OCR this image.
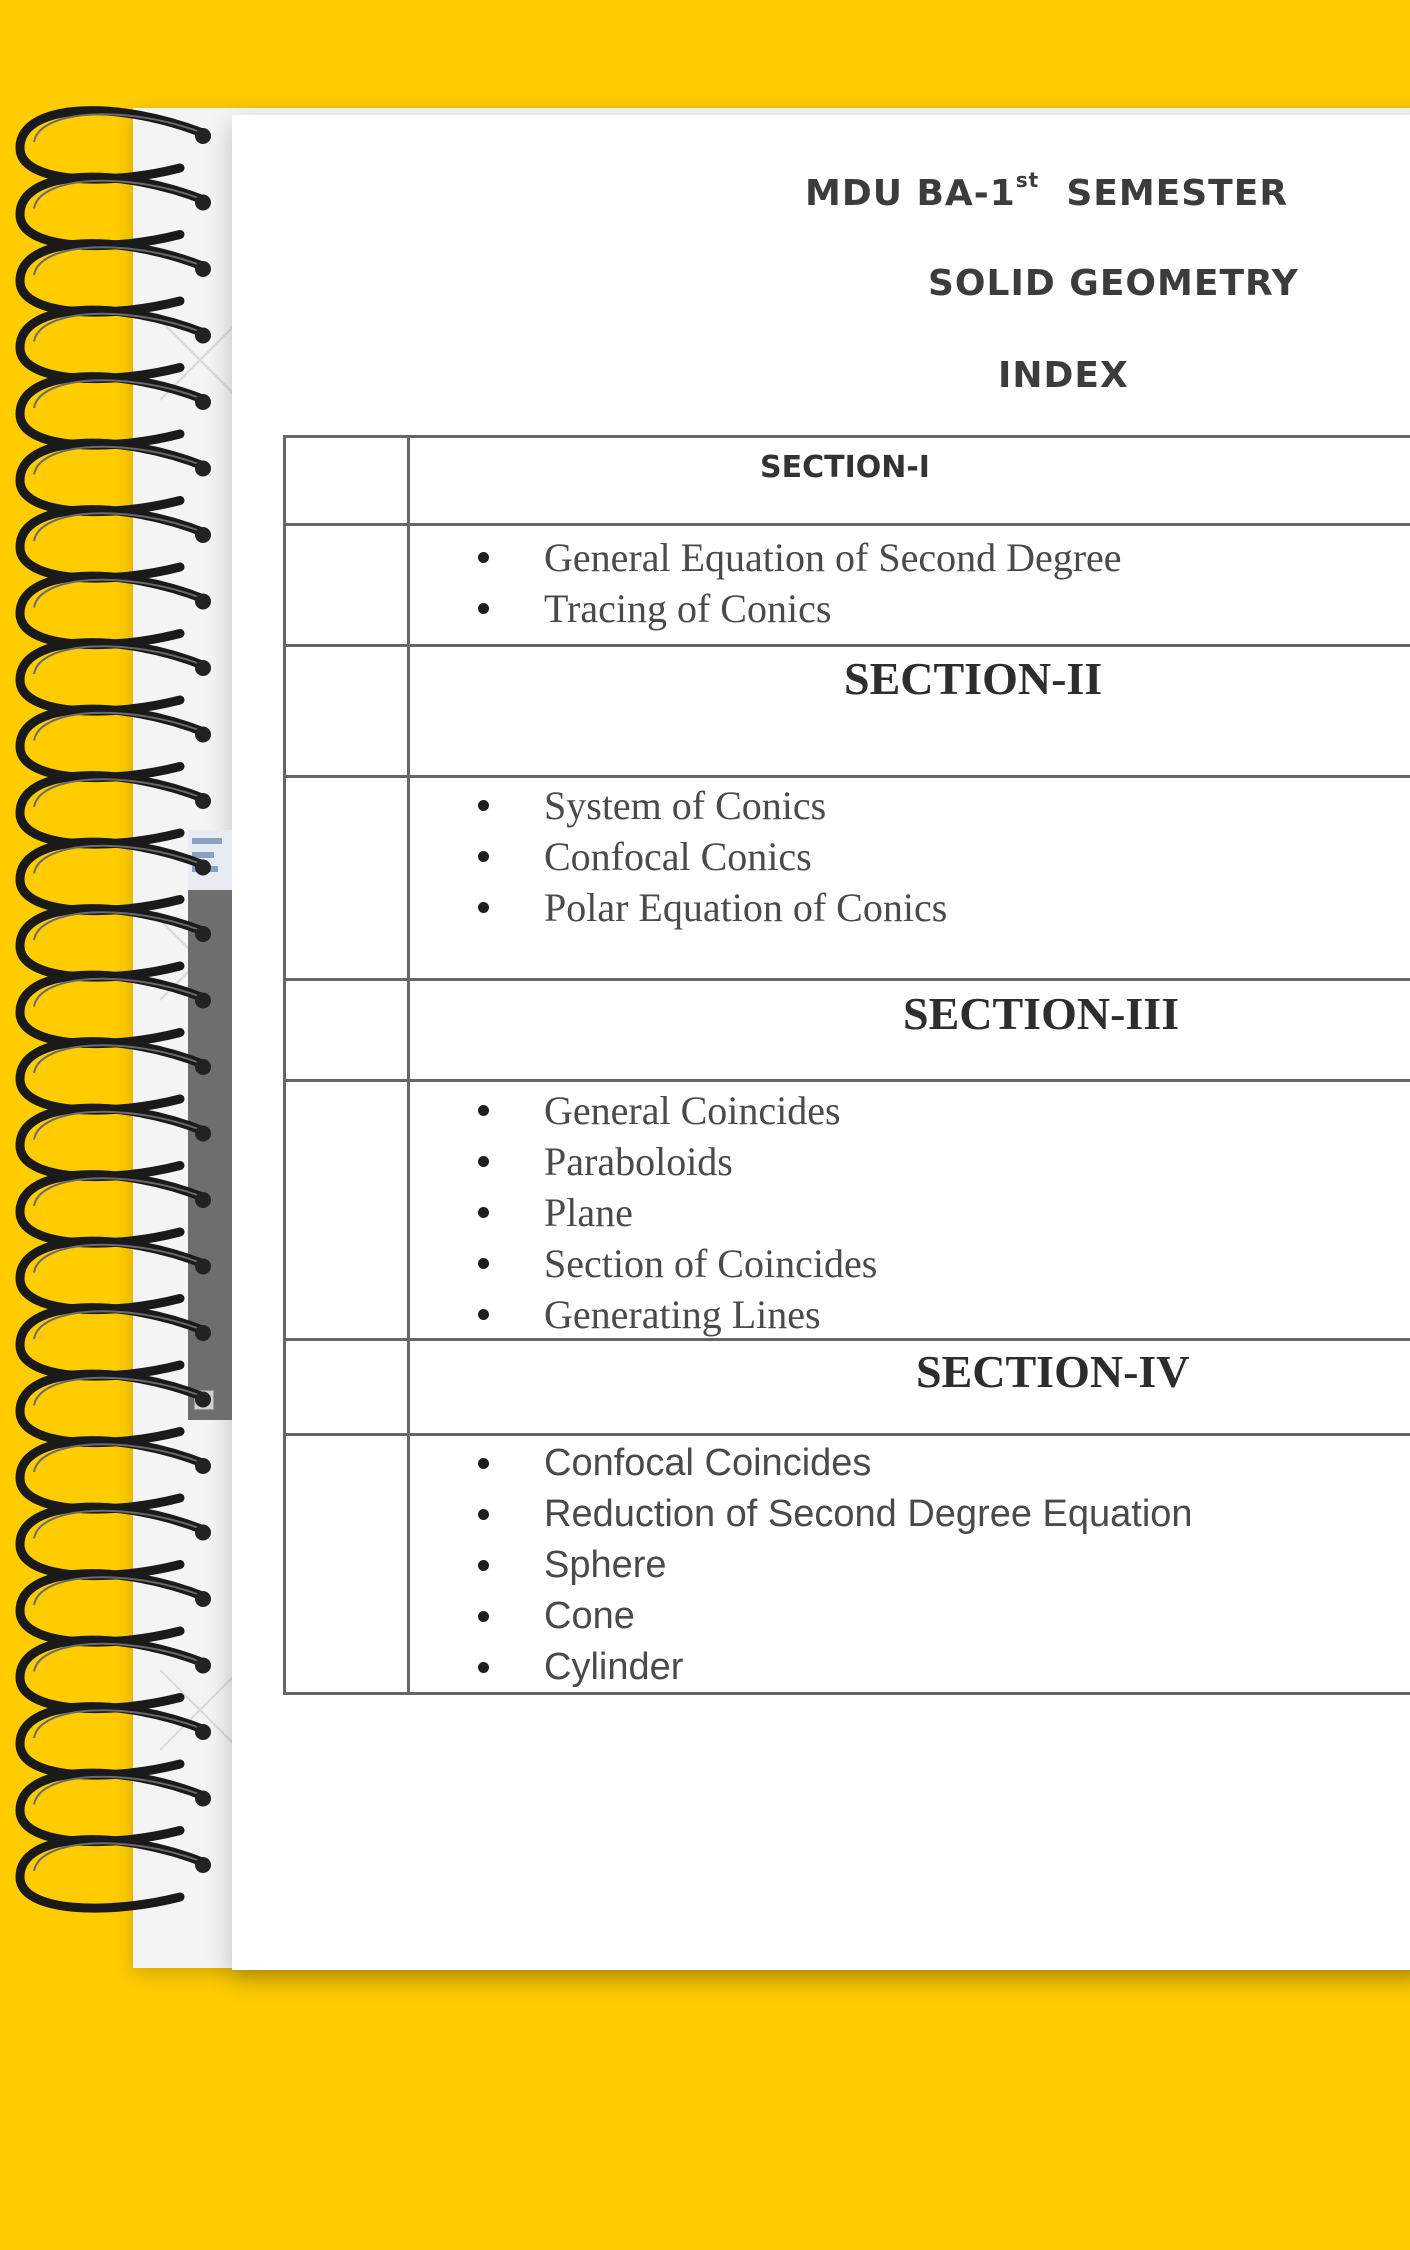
MDU BA-1st SEMESTER
SOLID GEOMETRY
INDEX
SECTION-I
General Equation of Second Degree
Tracing of Conics
SECTION-II
System of Conics
Confocal Conics
Polar Equation of Conics
SECTION-III
General Coincides
Paraboloids
Plane
Section of Coincides
Generating Lines
SECTION-IV
Confocal Coincides
Reduction of Second Degree Equation
Sphere
Cone
Cylinder
